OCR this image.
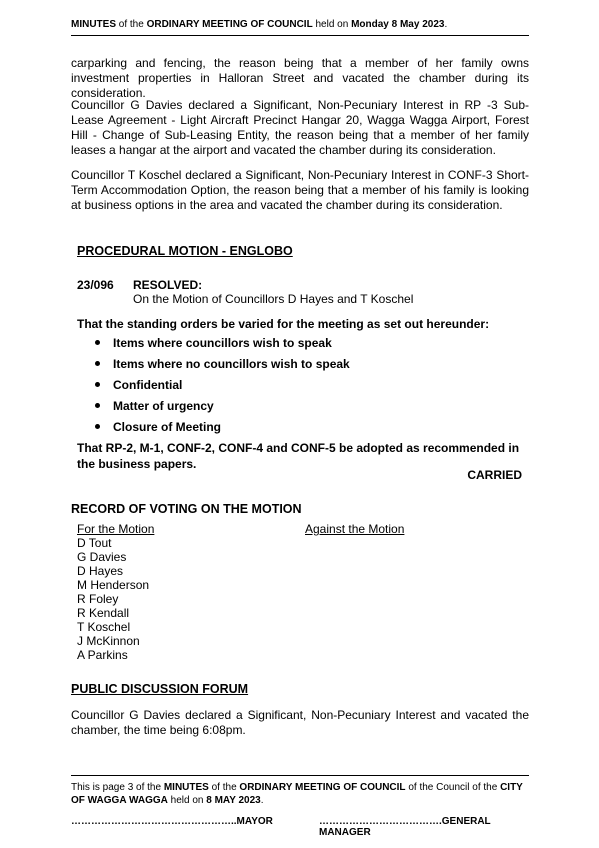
MINUTES of the ORDINARY MEETING OF COUNCIL held on Monday 8 May 2023.
carparking and fencing, the reason being that a member of her family owns investment properties in Halloran Street and vacated the chamber during its consideration.
Councillor G Davies declared a Significant, Non-Pecuniary Interest in RP -3 Sub-Lease Agreement - Light Aircraft Precinct Hangar 20, Wagga Wagga Airport, Forest Hill - Change of Sub-Leasing Entity, the reason being that a member of her family leases a hangar at the airport and vacated the chamber during its consideration.
Councillor T Koschel declared a Significant, Non-Pecuniary Interest in CONF-3 Short-Term Accommodation Option, the reason being that a member of his family is looking at business options in the area and vacated the chamber during its consideration.
PROCEDURAL MOTION - ENGLOBO
23/096 RESOLVED:
On the Motion of Councillors D Hayes and T Koschel
That the standing orders be varied for the meeting as set out hereunder:
Items where councillors wish to speak
Items where no councillors wish to speak
Confidential
Matter of urgency
Closure of Meeting
That RP-2, M-1, CONF-2, CONF-4 and CONF-5 be adopted as recommended in the business papers.
CARRIED
RECORD OF VOTING ON THE MOTION
For the Motion
D Tout
G Davies
D Hayes
M Henderson
R Foley
R Kendall
T Koschel
J McKinnon
A Parkins
Against the Motion
PUBLIC DISCUSSION FORUM
Councillor G Davies declared a Significant, Non-Pecuniary Interest and vacated the chamber, the time being 6:08pm.
This is page 3 of the MINUTES of the ORDINARY MEETING OF COUNCIL of the Council of the CITY OF WAGGA WAGGA held on 8 MAY 2023.
…………………………………………..MAYOR	……………………………….GENERAL MANAGER
